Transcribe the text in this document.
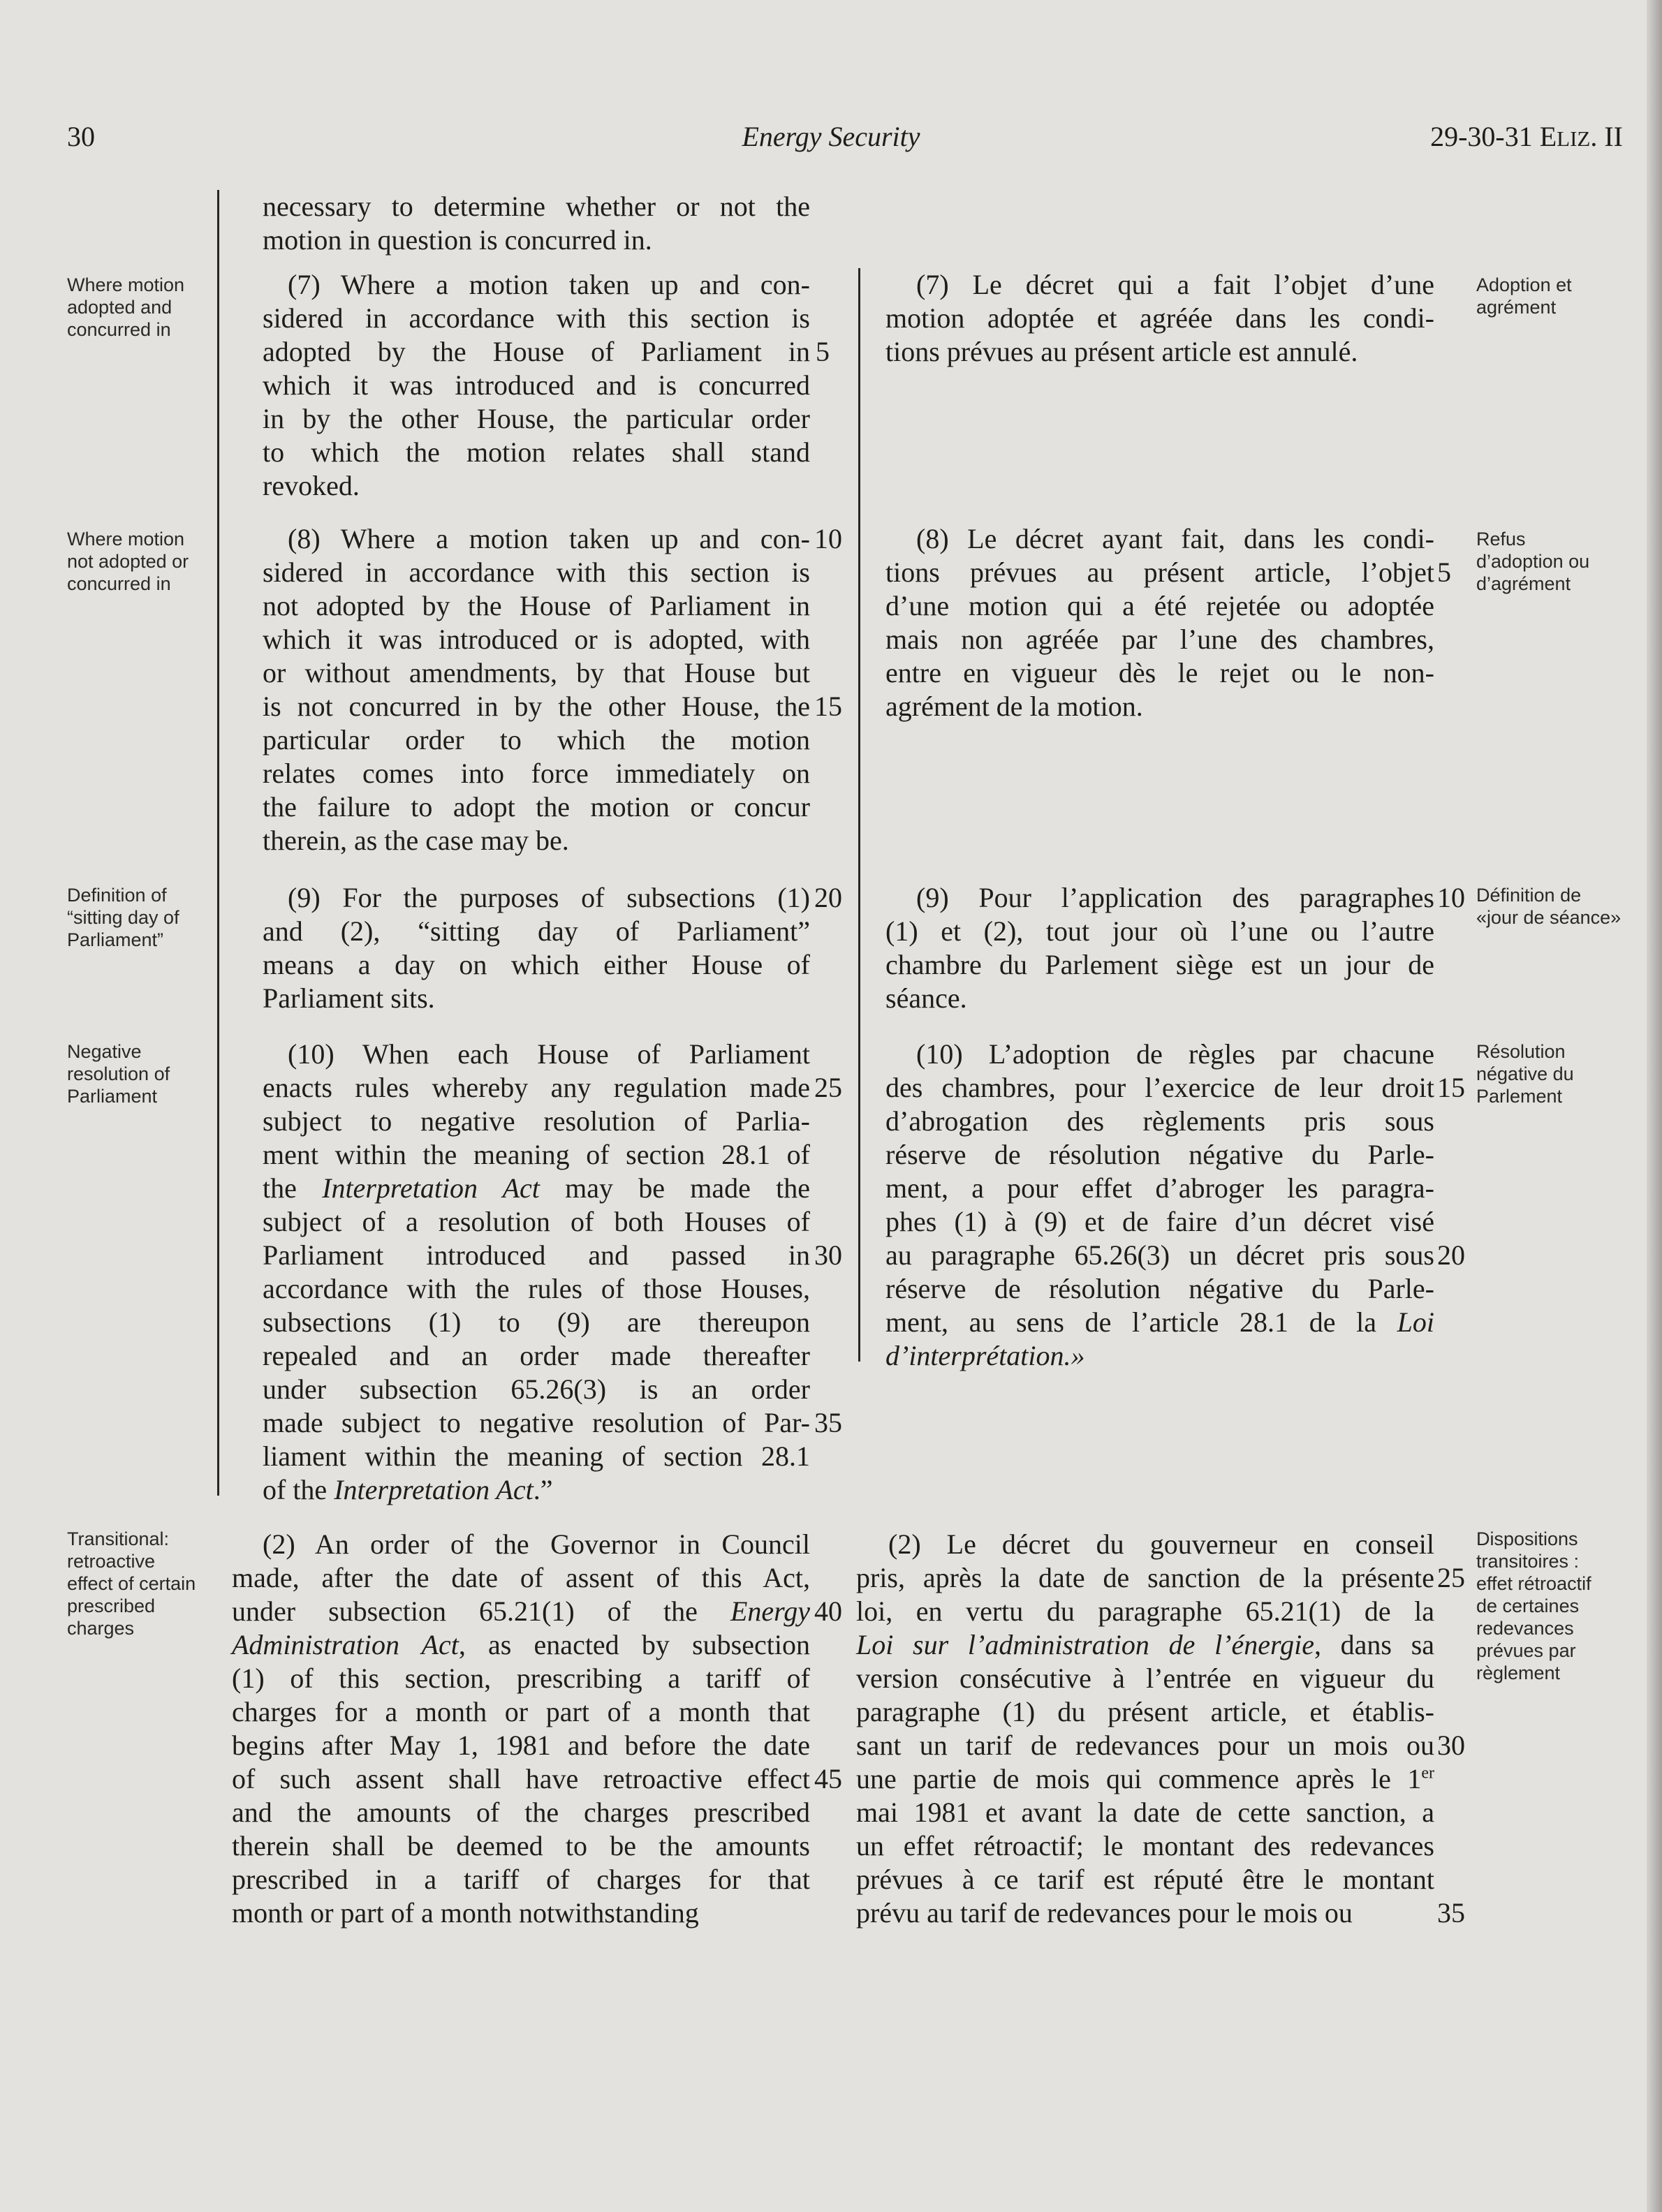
30	Energy Security	29-30-31 ELIZ. II
necessary to determine whether or not the
motion in question is concurred in.
(7) Where a motion taken up and con-
sidered in accordance with this section is
adopted by the House of Parliament in
which it was introduced and is concurred
in by the other House, the particular order
to which the motion relates shall stand
revoked.
(8) Where a motion taken up and con-
sidered in accordance with this section is
not adopted by the House of Parliament in
which it was introduced or is adopted, with
or without amendments, by that House but
is not concurred in by the other House, the
particular order to which the motion
relates comes into force immediately on
the failure to adopt the motion or concur
therein, as the case may be.
(9) For the purposes of subsections (1)
and (2), “sitting day of Parliament”
means a day on which either House of
Parliament sits.
(10) When each House of Parliament
enacts rules whereby any regulation made
subject to negative resolution of Parlia-
ment within the meaning of section 28.1 of
the Interpretation Act may be made the
subject of a resolution of both Houses of
Parliament introduced and passed in
accordance with the rules of those Houses,
subsections (1) to (9) are thereupon
repealed and an order made thereafter
under subsection 65.26(3) is an order
made subject to negative resolution of Par-
liament within the meaning of section 28.1
of the Interpretation Act.”
(2) An order of the Governor in Council
made, after the date of assent of this Act,
under subsection 65.21(1) of the Energy
Administration Act, as enacted by subsection
(1) of this section, prescribing a tariff of
charges for a month or part of a month that
begins after May 1, 1981 and before the date
of such assent shall have retroactive effect
and the amounts of the charges prescribed
therein shall be deemed to be the amounts
prescribed in a tariff of charges for that
month or part of a month notwithstanding
5
10
15
20
25
30
35
40
45
(7) Le décret qui a fait l’objet d’une
motion adoptée et agréée dans les condi-
tions prévues au présent article est annulé.
(8) Le décret ayant fait, dans les condi-
tions prévues au présent article, l’objet
d’une motion qui a été rejetée ou adoptée
mais non agréée par l’une des chambres,
entre en vigueur dès le rejet ou le non-
agrément de la motion.
(9) Pour l’application des paragraphes
(1) et (2), tout jour où l’une ou l’autre
chambre du Parlement siège est un jour de
séance.
(10) L’adoption de règles par chacune
des chambres, pour l’exercice de leur droit
d’abrogation des règlements pris sous
réserve de résolution négative du Parle-
ment, a pour effet d’abroger les paragra-
phes (1) à (9) et de faire d’un décret visé
au paragraphe 65.26(3) un décret pris sous
réserve de résolution négative du Parle-
ment, au sens de l’article 28.1 de la Loi
d’interprétation.»
(2) Le décret du gouverneur en conseil
pris, après la date de sanction de la présente
loi, en vertu du paragraphe 65.21(1) de la
Loi sur l’administration de l’énergie, dans sa
version consécutive à l’entrée en vigueur du
paragraphe (1) du présent article, et établis-
sant un tarif de redevances pour un mois ou
une partie de mois qui commence après le 1er
mai 1981 et avant la date de cette sanction, a
un effet rétroactif; le montant des redevances
prévues à ce tarif est réputé être le montant
prévu au tarif de redevances pour le mois ou
5
10
15
20
25
30
35
Where motion
adopted and
concurred in
Where motion
not adopted or
concurred in
Definition of
“sitting day of
Parliament”
Negative
resolution of
Parliament
Transitional:
retroactive
effect of certain
prescribed
charges
Adoption et
agrément
Refus
d’adoption ou
d’agrément
Définition de
«jour de séance»
Résolution
négative du
Parlement
Dispositions
transitoires :
effet rétroactif
de certaines
redevances
prévues par
règlement
